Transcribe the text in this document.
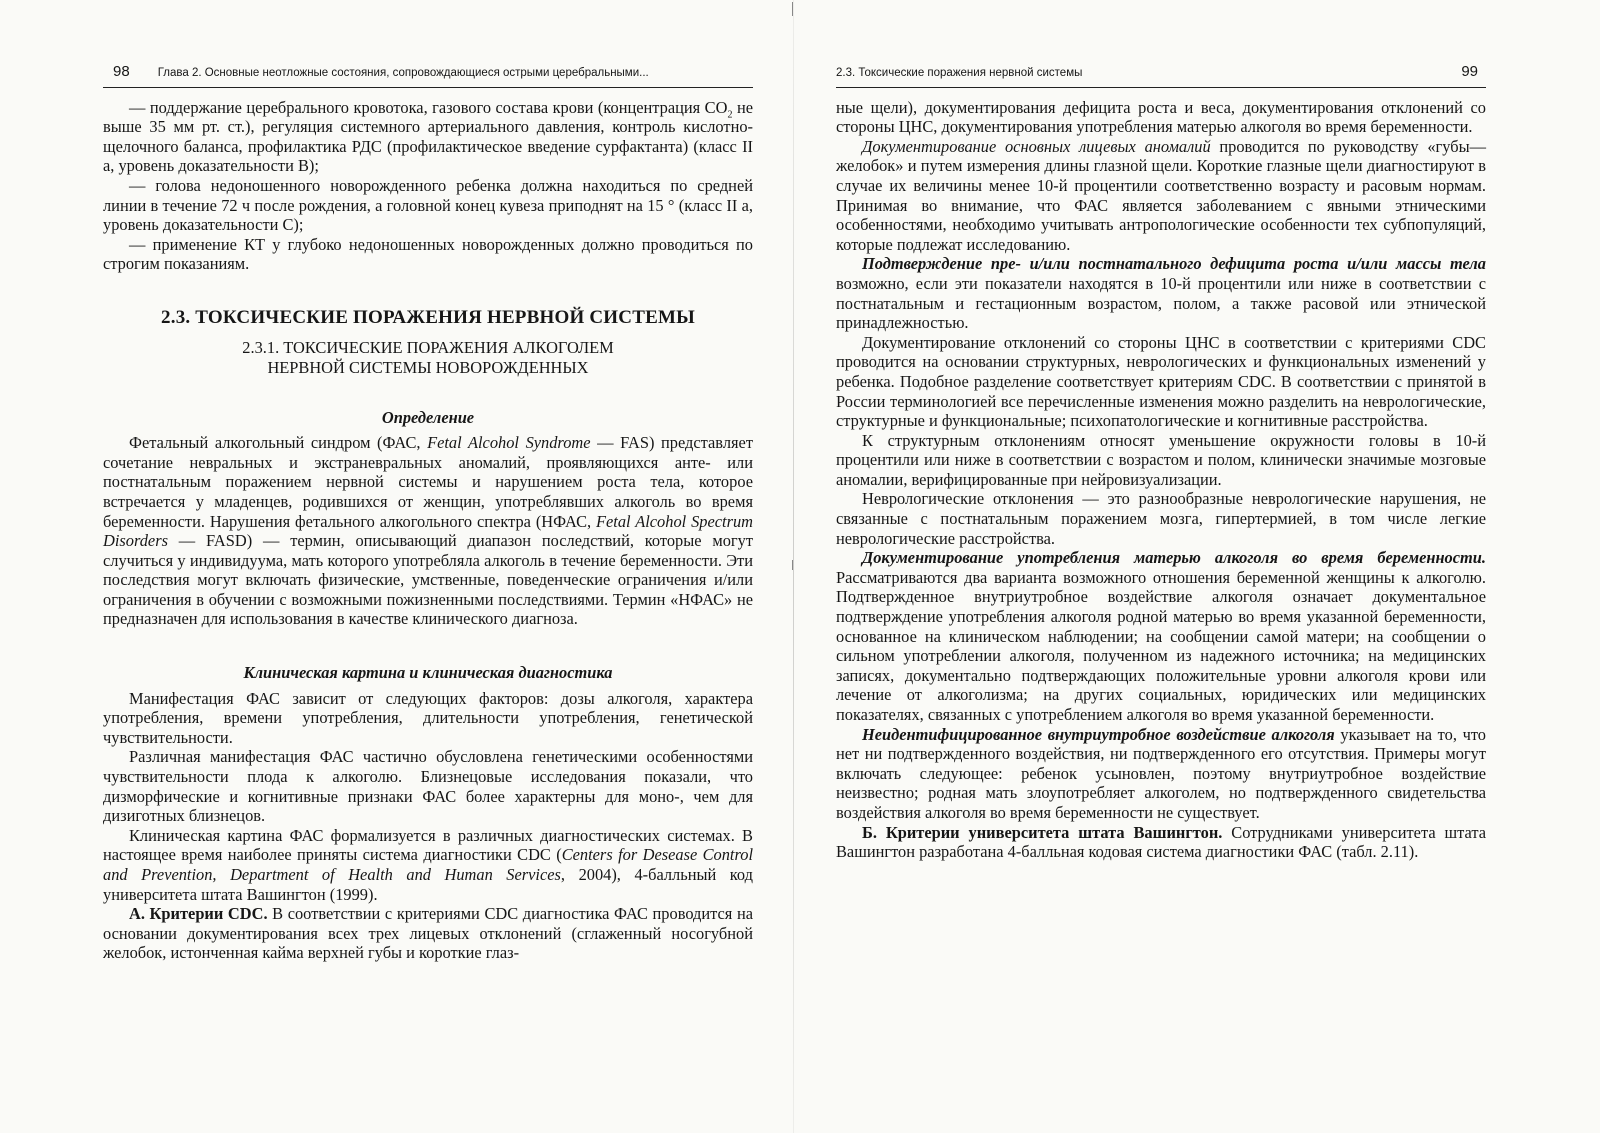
98 Глава 2. Основные неотложные состояния, сопровождающиеся острыми церебральными...

— поддержание церебрального кровотока, газового состава крови (концентрация $CO_2$ не выше 35 мм рт. ст.), регуляция системного артериального давления, контроль кислотно-щелочного баланса, профилактика РДС (профилактическое введение сурфактанта) (класс II а, уровень доказательности В);

— голова недоношенного новорожденного ребенка должна находиться по средней линии в течение 72 ч после рождения, а головной конец кувеза приподнят на 15 ° (класс II а, уровень доказательности С);

— применение КТ у глубоко недоношенных новорожденных должно проводиться по строгим показаниям.

2.3. ТОКСИЧЕСКИЕ ПОРАЖЕНИЯ НЕРВНОЙ СИСТЕМЫ
2.3.1. ТОКСИЧЕСКИЕ ПОРАЖЕНИЯ АЛКОГОЛЕМ
НЕРВНОЙ СИСТЕМЫ НОВОРОЖДЕННЫХ
Определение

Фетальный алкогольный синдром (ФАС, Fetal Alcohol Syndrome — FAS) представляет сочетание невральных и экстраневральных аномалий, проявляющихся анте- или постнатальным поражением нервной системы и нарушением роста тела, которое встречается у младенцев, родившихся от женщин, употреблявших алкоголь во время беременности. Нарушения фетального алкогольного спектра (НФАС, Fetal Alcohol Spectrum Disorders — FASD) — термин, описывающий диапазон последствий, которые могут случиться у индивидуума, мать которого употребляла алкоголь в течение беременности. Эти последствия могут включать физические, умственные, поведенческие ограничения и/или ограничения в обучении с возможными пожизненными последствиями. Термин «НФАС» не предназначен для использования в качестве клинического диагноза.

Клиническая картина и клиническая диагностика

Манифестация ФАС зависит от следующих факторов: дозы алкоголя, характера употребления, времени употребления, длительности употребления, генетической чувствительности.

Различная манифестация ФАС частично обусловлена генетическими особенностями чувствительности плода к алкоголю. Близнецовые исследования показали, что дизморфические и когнитивные признаки ФАС более характерны для моно-, чем для дизиготных близнецов.

Клиническая картина ФАС формализуется в различных диагностических системах. В настоящее время наиболее приняты система диагностики CDC (Centers for Desease Control and Prevention, Department of Health and Human Services, 2004), 4-балльный код университета штата Вашингтон (1999).

А. Критерии CDC. В соответствии с критериями CDC диагностика ФАС проводится на основании документирования всех трех лицевых отклонений (сглаженный носогубной желобок, истонченная кайма верхней губы и короткие глаз-

2.3. Токсические поражения нервной системы	99

ные щели), документирования дефицита роста и веса, документирования отклонений со стороны ЦНС, документирования употребления матерью алкоголя во время беременности.

Документирование основных лицевых аномалий проводится по руководству «губы—желобок» и путем измерения длины глазной щели. Короткие глазные щели диагностируют в случае их величины менее 10-й процентили соответственно возрасту и расовым нормам. Принимая во внимание, что ФАС является заболеванием с явными этническими особенностями, необходимо учитывать антропологические особенности тех субпопуляций, которые подлежат исследованию.

Подтверждение пре- и/или постнатального дефицита роста и/или массы тела возможно, если эти показатели находятся в 10-й процентили или ниже в соответствии с постнатальным и гестационным возрастом, полом, а также расовой или этнической принадлежностью.

Документирование отклонений со стороны ЦНС в соответствии с критериями CDC проводится на основании структурных, неврологических и функциональных изменений у ребенка. Подобное разделение соответствует критериям CDC. В соответствии с принятой в России терминологией все перечисленные изменения можно разделить на неврологические, структурные и функциональные; психопатологические и когнитивные расстройства.

К структурным отклонениям относят уменьшение окружности головы в 10-й процентили или ниже в соответствии с возрастом и полом, клинически значимые мозговые аномалии, верифицированные при нейровизуализации.

Неврологические отклонения — это разнообразные неврологические нарушения, не связанные с постнатальным поражением мозга, гипертермией, в том числе легкие неврологические расстройства.

Документирование употребления матерью алкоголя во время беременности. Рассматриваются два варианта возможного отношения беременной женщины к алкоголю. Подтвержденное внутриутробное воздействие алкоголя означает документальное подтверждение употребления алкоголя родной матерью во время указанной беременности, основанное на клиническом наблюдении; на сообщении самой матери; на сообщении о сильном употреблении алкоголя, полученном из надежного источника; на медицинских записях, документально подтверждающих положительные уровни алкоголя крови или лечение от алкоголизма; на других социальных, юридических или медицинских показателях, связанных с употреблением алкоголя во время указанной беременности.

Неидентифицированное внутриутробное воздействие алкоголя указывает на то, что нет ни подтвержденного воздействия, ни подтвержденного его отсутствия. Примеры могут включать следующее: ребенок усыновлен, поэтому внутриутробное воздействие неизвестно; родная мать злоупотребляет алкоголем, но подтвержденного свидетельства воздействия алкоголя во время беременности не существует.

Б. Критерии университета штата Вашингтон. Сотрудниками университета штата Вашингтон разработана 4-балльная кодовая система диагностики ФАС (табл. 2.11).
